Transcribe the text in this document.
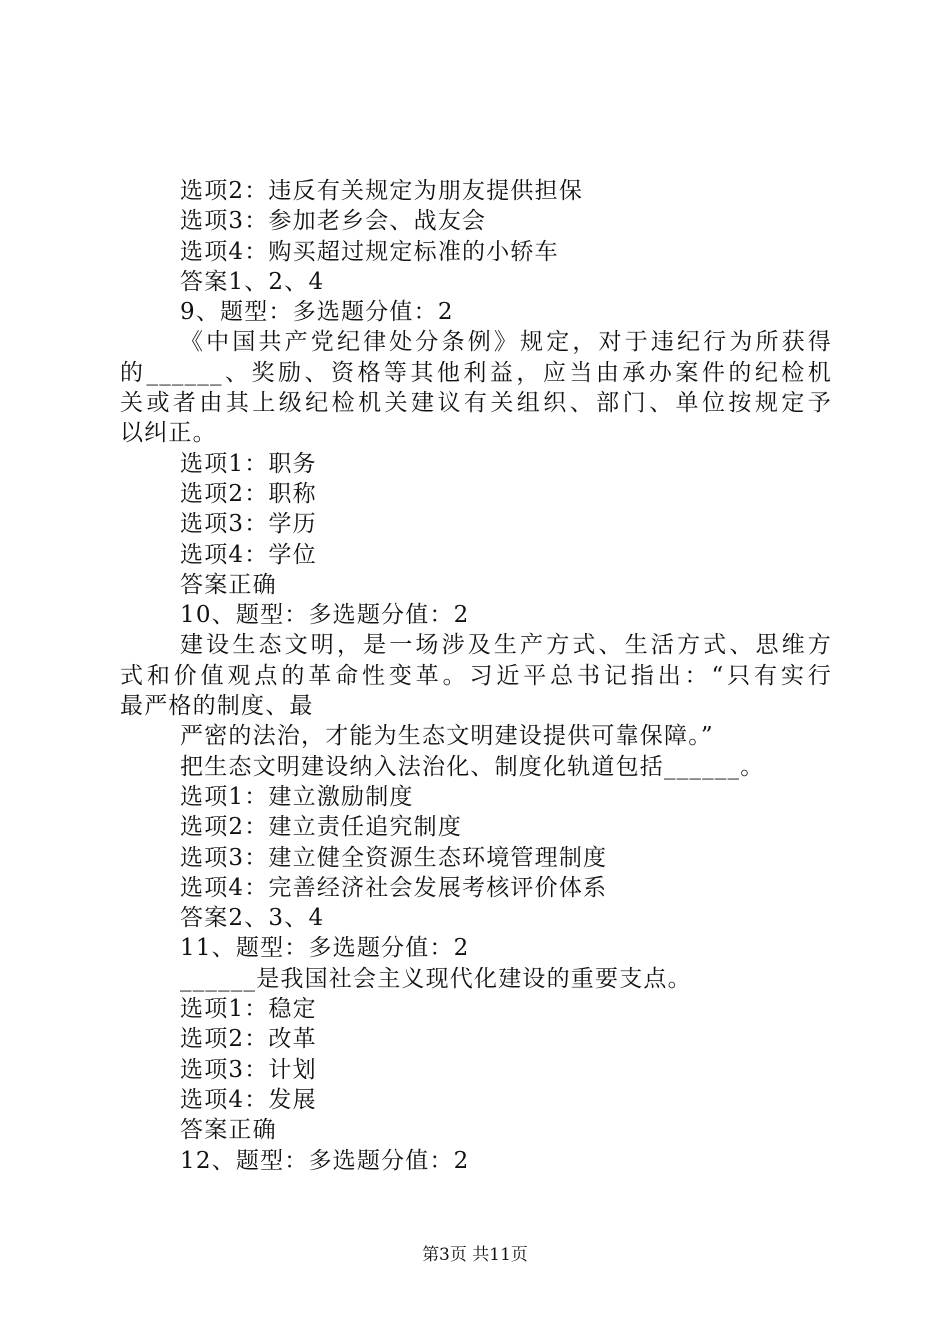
选项2：违反有关规定为朋友提供担保
选项3：参加老乡会、战友会
选项4：购买超过规定标准的小轿车
答案1、2、4
9、题型：多选题分值：2
《中国共产党纪律处分条例》规定，对于违纪行为所获得
的______、奖励、资格等其他利益，应当由承办案件的纪检机
关或者由其上级纪检机关建议有关组织、部门、单位按规定予
以纠正。
选项1：职务
选项2：职称
选项3：学历
选项4：学位
答案正确
10、题型：多选题分值：2
建设生态文明，是一场涉及生产方式、生活方式、思维方
式和价值观点的革命性变革。习近平总书记指出：“只有实行
最严格的制度、最
严密的法治，才能为生态文明建设提供可靠保障。”
把生态文明建设纳入法治化、制度化轨道包括______。
选项1：建立激励制度
选项2：建立责任追究制度
选项3：建立健全资源生态环境管理制度
选项4：完善经济社会发展考核评价体系
答案2、3、4
11、题型：多选题分值：2
______是我国社会主义现代化建设的重要支点。
选项1：稳定
选项2：改革
选项3：计划
选项4：发展
答案正确
12、题型：多选题分值：2
第3页 共11页
